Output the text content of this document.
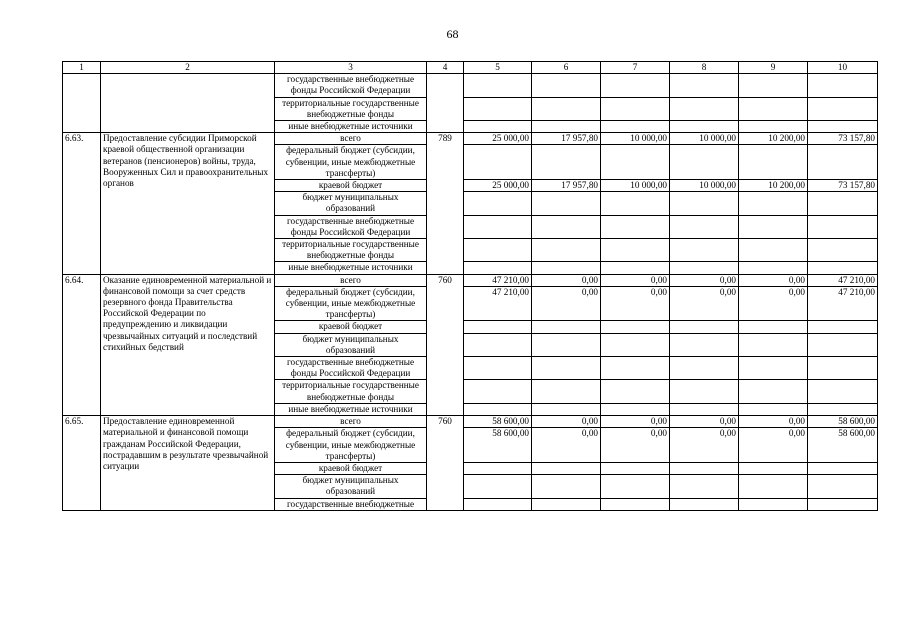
68
1	2	3	4	5	6	7	8	9	10
		государственные внебюджетные фонды Российской Федерации							
		территориальные государственные внебюджетные фонды							
		иные внебюджетные источники							
6.63.	Предоставление субсидии Приморской краевой общественной организации ветеранов (пенсионеров) войны, труда, Вооруженных Сил и правоохранительных органов	всего	789	25 000,00	17 957,80	10 000,00	10 000,00	10 200,00	73 157,80
		федеральный бюджет (субсидии, субвенции, иные межбюджетные трансферты)							
		краевой бюджет		25 000,00	17 957,80	10 000,00	10 000,00	10 200,00	73 157,80
		бюджет муниципальных образований							
		государственные внебюджетные фонды Российской Федерации							
		территориальные государственные внебюджетные фонды							
		иные внебюджетные источники							
6.64.	Оказание единовременной материальной и финансовой помощи за счет средств резервного фонда Правительства Российской Федерации по предупреждению и ликвидации чрезвычайных ситуаций и последствий стихийных бедствий	всего	760	47 210,00	0,00	0,00	0,00	0,00	47 210,00
		федеральный бюджет (субсидии, субвенции, иные межбюджетные трансферты)		47 210,00	0,00	0,00	0,00	0,00	47 210,00
		краевой бюджет							
		бюджет муниципальных образований							
		государственные внебюджетные фонды Российской Федерации							
		территориальные государственные внебюджетные фонды							
		иные внебюджетные источники							
6.65.	Предоставление единовременной материальной и финансовой помощи гражданам Российской Федерации, пострадавшим в результате чрезвычайной ситуации	всего	760	58 600,00	0,00	0,00	0,00	0,00	58 600,00
		федеральный бюджет (субсидии, субвенции, иные межбюджетные трансферты)		58 600,00	0,00	0,00	0,00	0,00	58 600,00
		краевой бюджет							
		бюджет муниципальных образований							
		государственные внебюджетные							
